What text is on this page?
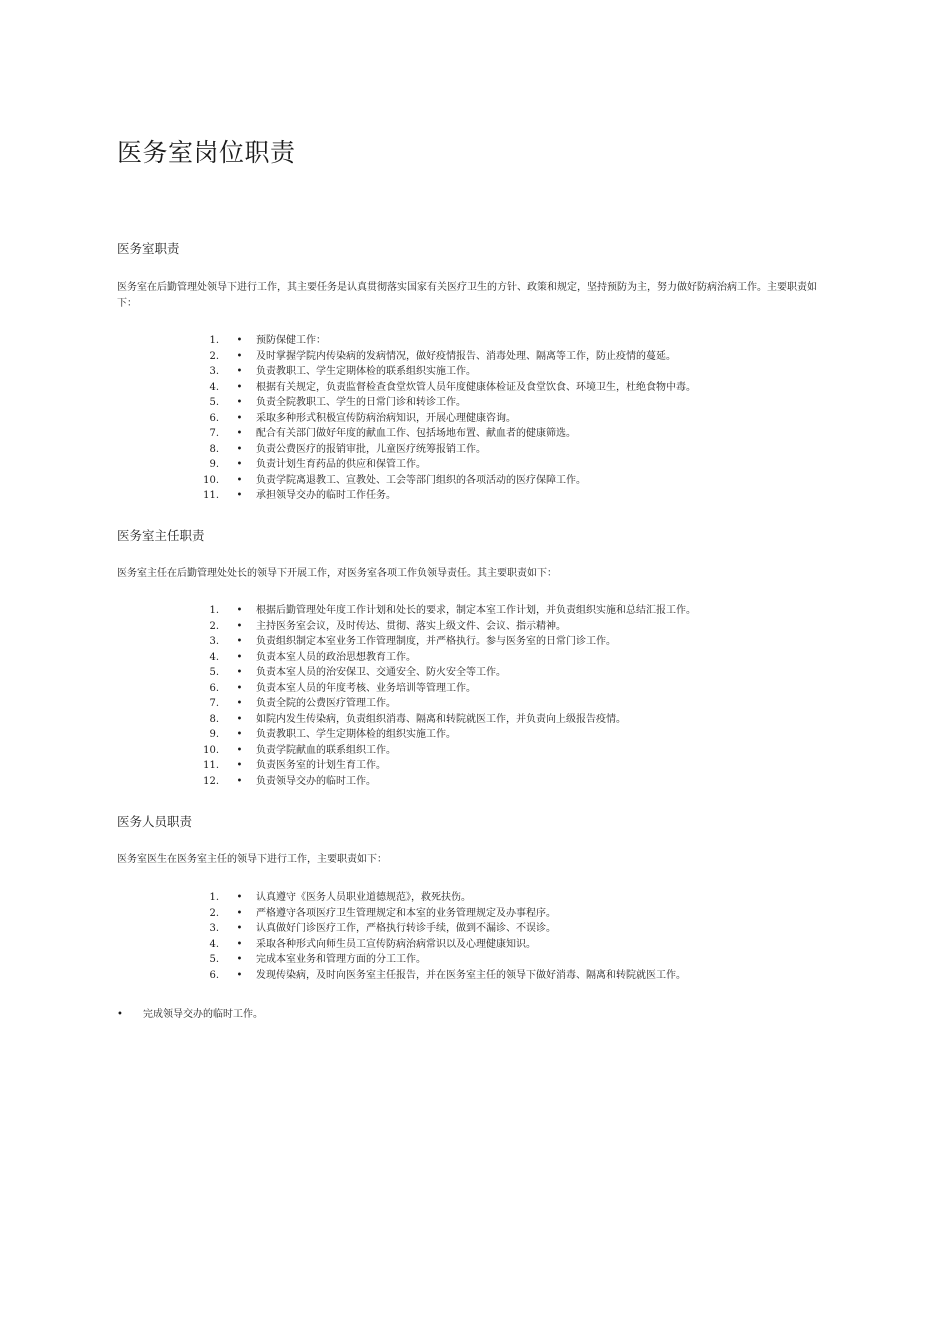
医务室岗位职责
医务室职责

医务室在后勤管理处领导下进行工作，其主要任务是认真贯彻落实国家有关医疗卫生的方针、政策和规定，坚持预防为主，努力做好防病治病工作。主要职责如下：

1. • 预防保健工作：
2. • 及时掌握学院内传染病的发病情况，做好疫情报告、消毒处理、隔离等工作，防止疫情的蔓延。
3. • 负责教职工、学生定期体检的联系组织实施工作。
4. • 根据有关规定，负责监督检查食堂炊管人员年度健康体检证及食堂饮食、环境卫生，杜绝食物中毒。
5. • 负责全院教职工、学生的日常门诊和转诊工作。
6. • 采取多种形式积极宣传防病治病知识，开展心理健康咨询。
7. • 配合有关部门做好年度的献血工作、包括场地布置、献血者的健康筛选。
8. • 负责公费医疗的报销审批，儿童医疗统筹报销工作。
9. • 负责计划生育药品的供应和保管工作。
10. • 负责学院离退教工、宣教处、工会等部门组织的各项活动的医疗保障工作。
11. • 承担领导交办的临时工作任务。
医务室主任职责

医务室主任在后勤管理处处长的领导下开展工作，对医务室各项工作负领导责任。其主要职责如下：

1. • 根据后勤管理处年度工作计划和处长的要求，制定本室工作计划，并负责组织实施和总结汇报工作。
2. • 主持医务室会议，及时传达、贯彻、落实上级文件、会议、指示精神。
3. • 负责组织制定本室业务工作管理制度，并严格执行。参与医务室的日常门诊工作。
4. • 负责本室人员的政治思想教育工作。
5. • 负责本室人员的治安保卫、交通安全、防火安全等工作。
6. • 负责本室人员的年度考核、业务培训等管理工作。
7. • 负责全院的公费医疗管理工作。
8. • 如院内发生传染病，负责组织消毒、隔离和转院就医工作，并负责向上级报告疫情。
9. • 负责教职工、学生定期体检的组织实施工作。
10. • 负责学院献血的联系组织工作。
11. • 负责医务室的计划生育工作。
12. • 负责领导交办的临时工作。
医务人员职责

医务室医生在医务室主任的领导下进行工作，主要职责如下：

1. • 认真遵守《医务人员职业道德规范》，救死扶伤。
2. • 严格遵守各项医疗卫生管理规定和本室的业务管理规定及办事程序。
3. • 认真做好门诊医疗工作，严格执行转诊手续，做到不漏诊、不误诊。
4. • 采取各种形式向师生员工宣传防病治病常识以及心理健康知识。
5. • 完成本室业务和管理方面的分工工作。
6. • 发现传染病，及时向医务室主任报告，并在医务室主任的领导下做好消毒、隔离和转院就医工作。
• 完成领导交办的临时工作。
